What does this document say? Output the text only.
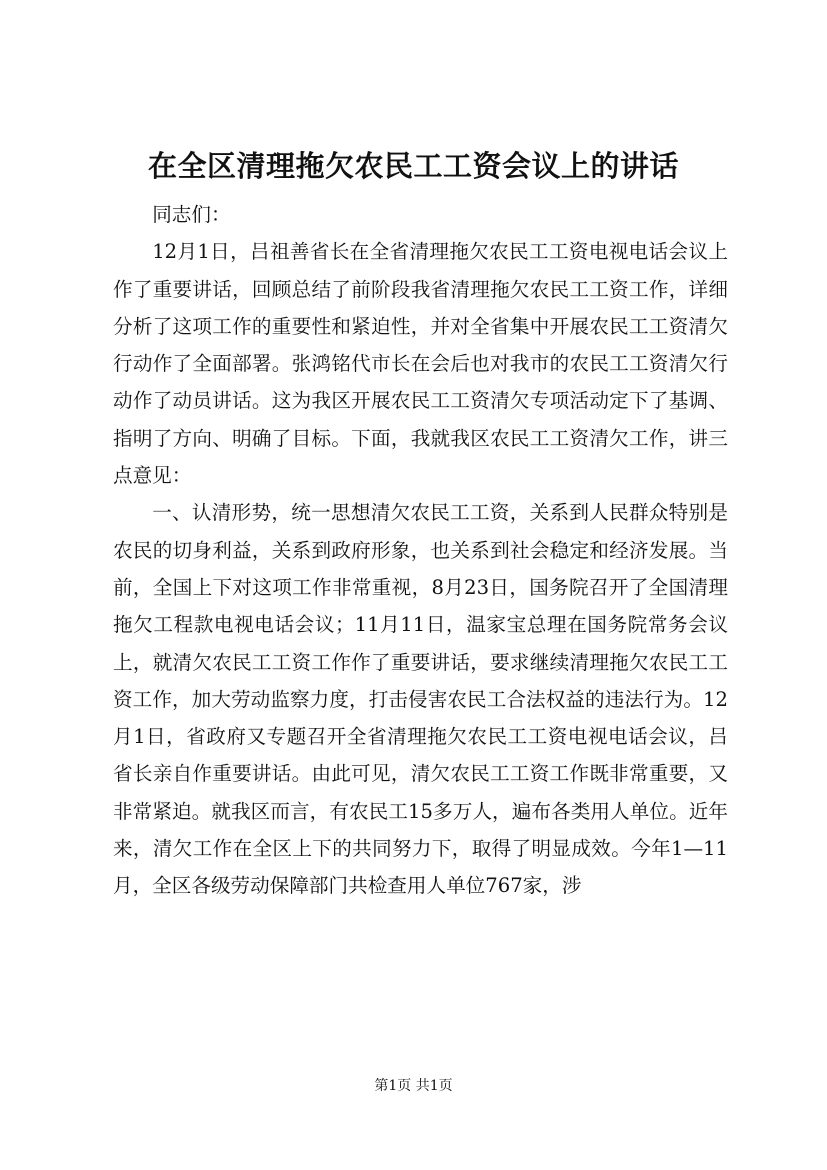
在全区清理拖欠农民工工资会议上的讲话

同志们：

12月1日，吕祖善省长在全省清理拖欠农民工工资电视电话会议上作了重要讲话，回顾总结了前阶段我省清理拖欠农民工工资工作，详细分析了这项工作的重要性和紧迫性，并对全省集中开展农民工工资清欠行动作了全面部署。张鸿铭代市长在会后也对我市的农民工工资清欠行动作了动员讲话。这为我区开展农民工工资清欠专项活动定下了基调、指明了方向、明确了目标。下面，我就我区农民工工资清欠工作，讲三点意见：

一、认清形势，统一思想清欠农民工工资，关系到人民群众特别是农民的切身利益，关系到政府形象，也关系到社会稳定和经济发展。当前，全国上下对这项工作非常重视，8月23日，国务院召开了全国清理拖欠工程款电视电话会议；11月11日，温家宝总理在国务院常务会议上，就清欠农民工工资工作作了重要讲话，要求继续清理拖欠农民工工资工作，加大劳动监察力度，打击侵害农民工合法权益的违法行为。12月1日，省政府又专题召开全省清理拖欠农民工工资电视电话会议，吕省长亲自作重要讲话。由此可见，清欠农民工工资工作既非常重要，又非常紧迫。就我区而言，有农民工15多万人，遍布各类用人单位。近年来，清欠工作在全区上下的共同努力下，取得了明显成效。今年1—11月，全区各级劳动保障部门共检查用人单位767家，涉

第1页 共1页
